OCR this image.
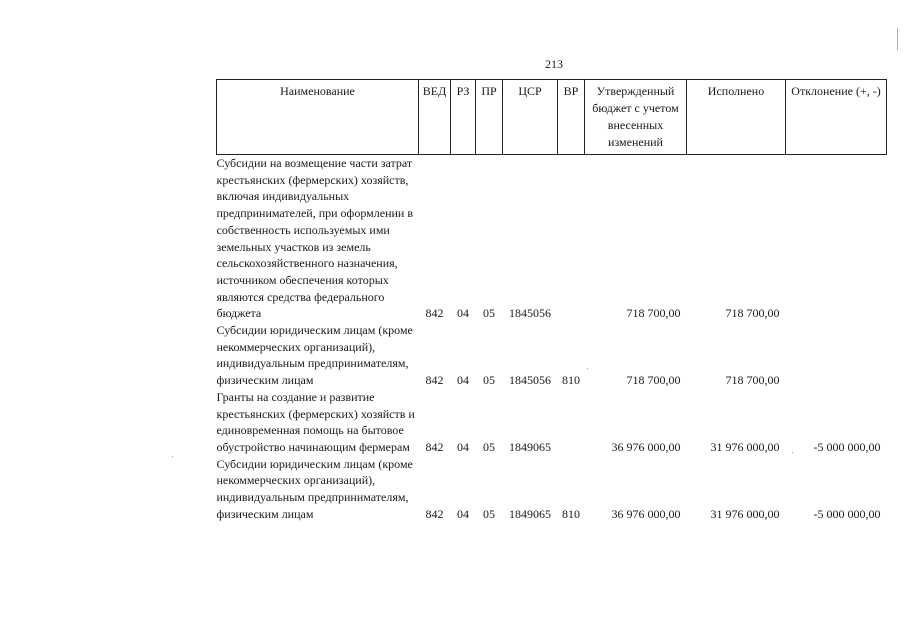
213
Наименование	ВЕД	РЗ	ПР	ЦСР	ВР	Утвержденный бюджет с учетом внесенных изменений	Исполнено	Отклонение (+, -)

Субсидии на возмещение части затрат крестьянских (фермерских) хозяйств, включая индивидуальных предпринимателей, при оформлении в собственность используемых ими земельных участков из земель сельскохозяйственного назначения, источником обеспечения которых являются средства федерального бюджета	842	04	05	1845056		718 700,00	718 700,00	

Субсидии юридическим лицам (кроме некоммерческих организаций), индивидуальным предпринимателям, физическим лицам	842	04	05	1845056	810	718 700,00	718 700,00	

Гранты на создание и развитие крестьянских (фермерских) хозяйств и единовременная помощь на бытовое обустройство начинающим фермерам	842	04	05	1849065		36 976 000,00	31 976 000,00	-5 000 000,00

Субсидии юридическим лицам (кроме некоммерческих организаций), индивидуальным предпринимателям, физическим лицам	842	04	05	1849065	810	36 976 000,00	31 976 000,00	-5 000 000,00
